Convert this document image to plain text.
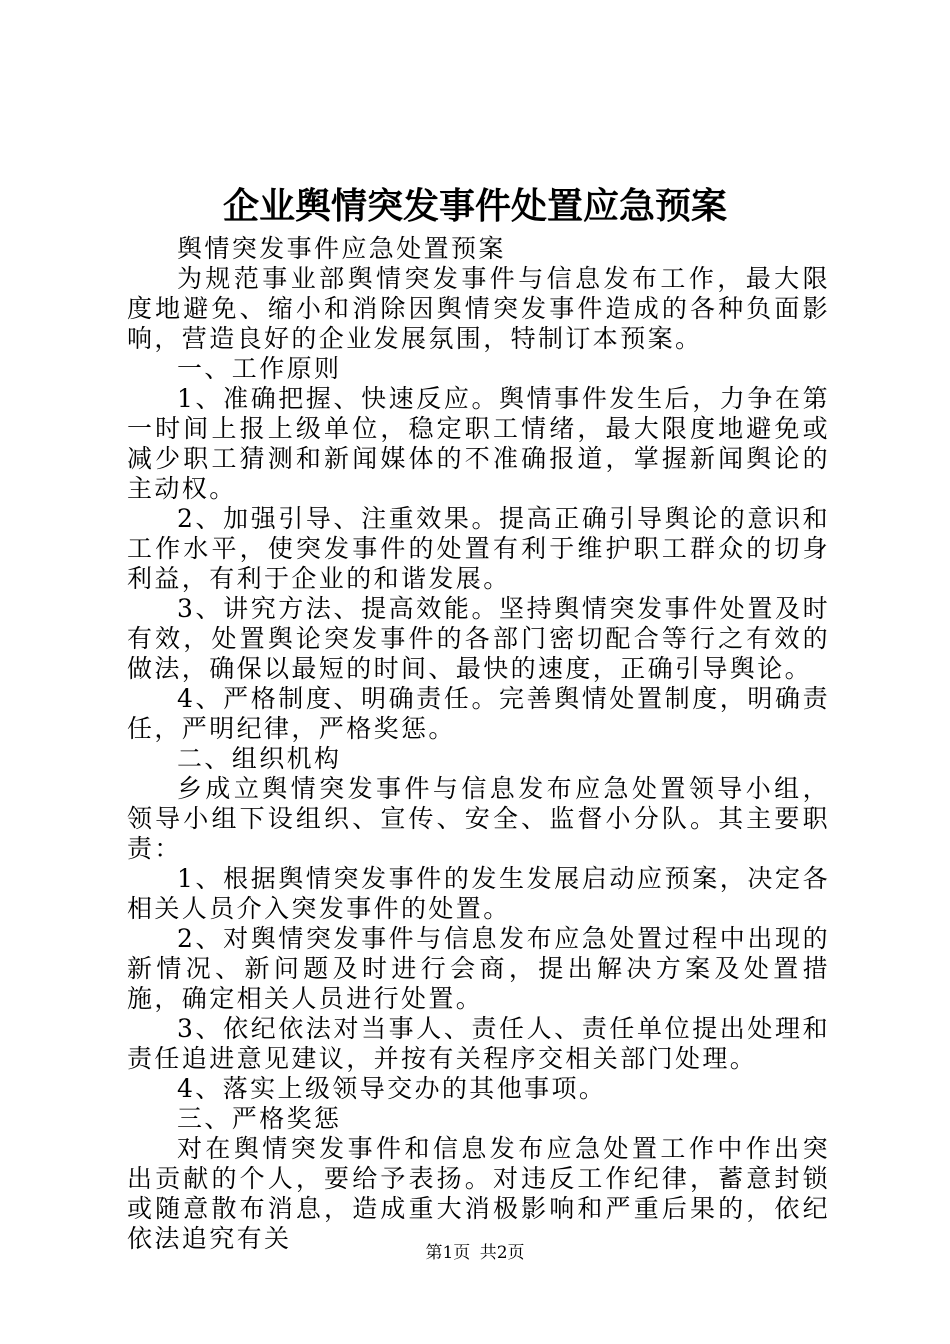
企业舆情突发事件处置应急预案

舆情突发事件应急处置预案

为规范事业部舆情突发事件与信息发布工作，最大限度地避免、缩小和消除因舆情突发事件造成的各种负面影响，营造良好的企业发展氛围，特制订本预案。

一、工作原则

1、准确把握、快速反应。舆情事件发生后，力争在第一时间上报上级单位，稳定职工情绪，最大限度地避免或减少职工猜测和新闻媒体的不准确报道，掌握新闻舆论的主动权。

2、加强引导、注重效果。提高正确引导舆论的意识和工作水平，使突发事件的处置有利于维护职工群众的切身利益，有利于企业的和谐发展。

3、讲究方法、提高效能。坚持舆情突发事件处置及时有效，处置舆论突发事件的各部门密切配合等行之有效的做法，确保以最短的时间、最快的速度，正确引导舆论。

4、严格制度、明确责任。完善舆情处置制度，明确责任，严明纪律，严格奖惩。

二、组织机构

乡成立舆情突发事件与信息发布应急处置领导小组，领导小组下设组织、宣传、安全、监督小分队。其主要职责：

1、根据舆情突发事件的发生发展启动应预案，决定各相关人员介入突发事件的处置。

2、对舆情突发事件与信息发布应急处置过程中出现的新情况、新问题及时进行会商，提出解决方案及处置措施，确定相关人员进行处置。

3、依纪依法对当事人、责任人、责任单位提出处理和责任追进意见建议，并按有关程序交相关部门处理。

4、落实上级领导交办的其他事项。

三、严格奖惩

对在舆情突发事件和信息发布应急处置工作中作出突出贡献的个人，要给予表扬。对违反工作纪律，蓄意封锁或随意散布消息，造成重大消极影响和严重后果的，依纪依法追究有关	第1页 共2页
